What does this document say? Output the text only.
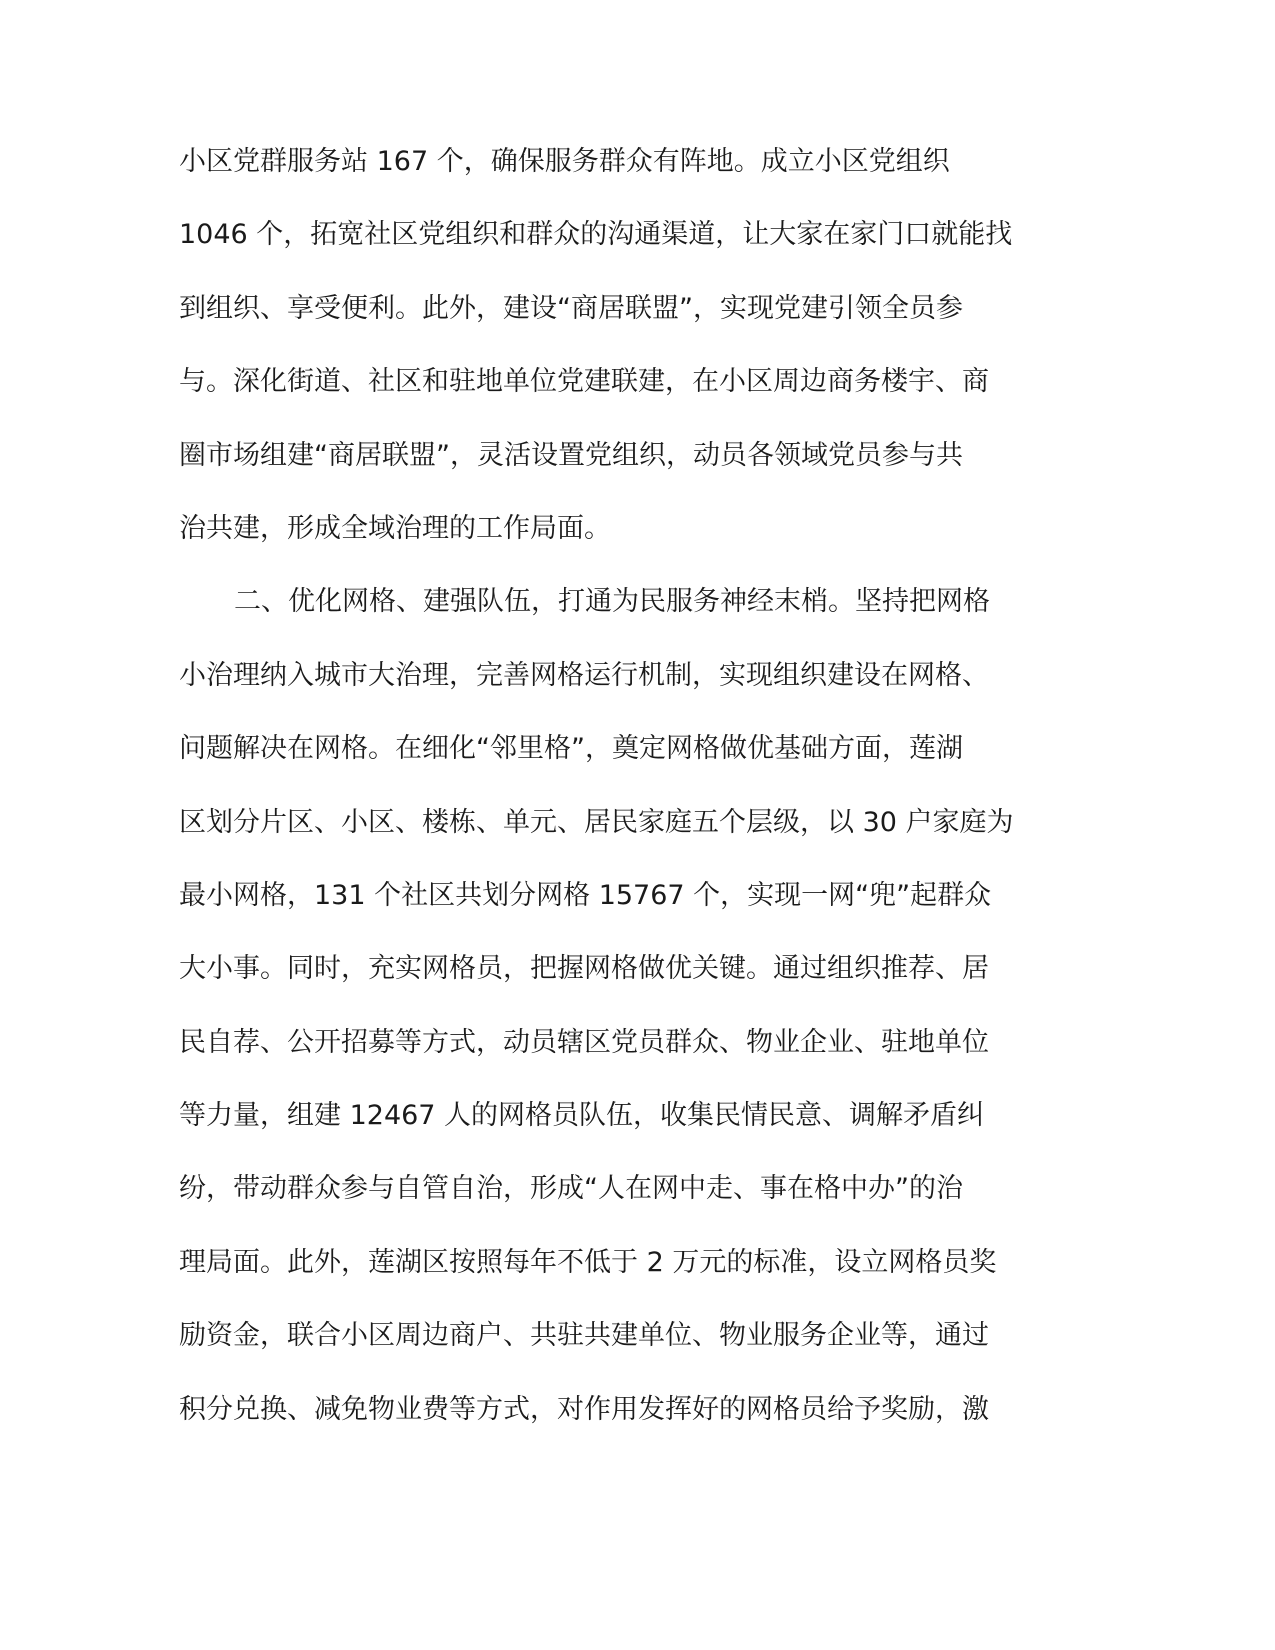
小区党群服务站 167 个，确保服务群众有阵地。成立小区党组织
1046 个，拓宽社区党组织和群众的沟通渠道，让大家在家门口就能找
到组织、享受便利。此外，建设“商居联盟”，实现党建引领全员参
与。深化街道、社区和驻地单位党建联建，在小区周边商务楼宇、商
圈市场组建“商居联盟”，灵活设置党组织，动员各领域党员参与共
治共建，形成全域治理的工作局面。
二、优化网格、建强队伍，打通为民服务神经末梢。坚持把网格
小治理纳入城市大治理，完善网格运行机制，实现组织建设在网格、
问题解决在网格。在细化“邻里格”，奠定网格做优基础方面，莲湖
区划分片区、小区、楼栋、单元、居民家庭五个层级，以 30 户家庭为
最小网格，131 个社区共划分网格 15767 个，实现一网“兜”起群众
大小事。同时，充实网格员，把握网格做优关键。通过组织推荐、居
民自荐、公开招募等方式，动员辖区党员群众、物业企业、驻地单位
等力量，组建 12467 人的网格员队伍，收集民情民意、调解矛盾纠
纷，带动群众参与自管自治，形成“人在网中走、事在格中办”的治
理局面。此外，莲湖区按照每年不低于 2 万元的标准，设立网格员奖
励资金，联合小区周边商户、共驻共建单位、物业服务企业等，通过
积分兑换、减免物业费等方式，对作用发挥好的网格员给予奖励，激
